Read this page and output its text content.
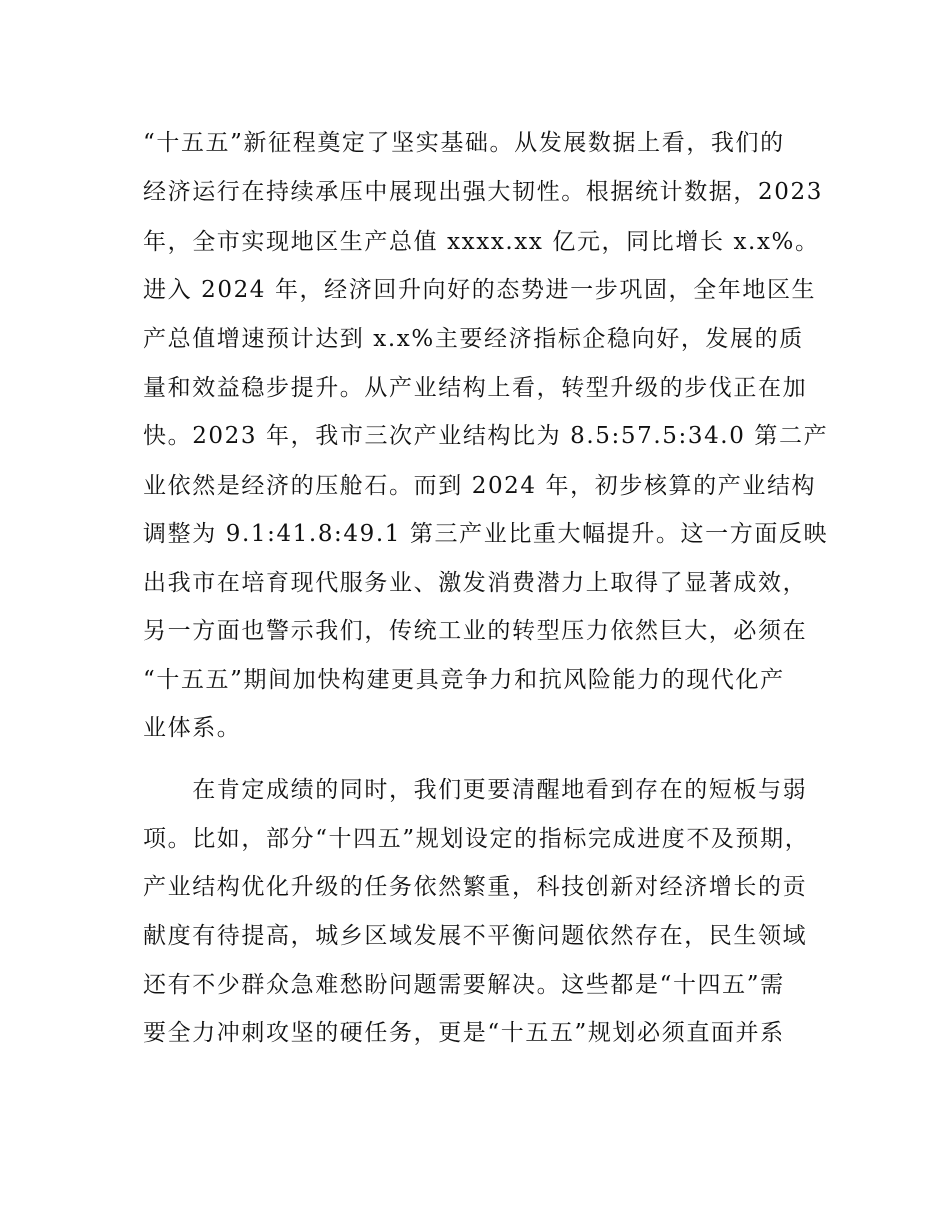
“十五五”新征程奠定了坚实基础。从发展数据上看，我们的
经济运行在持续承压中展现出强大韧性。根据统计数据，2023
年，全市实现地区生产总值 xxxx.xx 亿元，同比增长 x.x%。
进入 2024 年，经济回升向好的态势进一步巩固，全年地区生
产总值增速预计达到 x.x%主要经济指标企稳向好，发展的质
量和效益稳步提升。从产业结构上看，转型升级的步伐正在加
快。2023 年，我市三次产业结构比为 8.5:57.5:34.0 第二产
业依然是经济的压舱石。而到 2024 年，初步核算的产业结构
调整为 9.1:41.8:49.1 第三产业比重大幅提升。这一方面反映
出我市在培育现代服务业、激发消费潜力上取得了显著成效，
另一方面也警示我们，传统工业的转型压力依然巨大，必须在
“十五五”期间加快构建更具竞争力和抗风险能力的现代化产
业体系。
　　在肯定成绩的同时，我们更要清醒地看到存在的短板与弱
项。比如，部分“十四五”规划设定的指标完成进度不及预期，
产业结构优化升级的任务依然繁重，科技创新对经济增长的贡
献度有待提高，城乡区域发展不平衡问题依然存在，民生领域
还有不少群众急难愁盼问题需要解决。这些都是“十四五”需
要全力冲刺攻坚的硬任务，更是“十五五”规划必须直面并系
